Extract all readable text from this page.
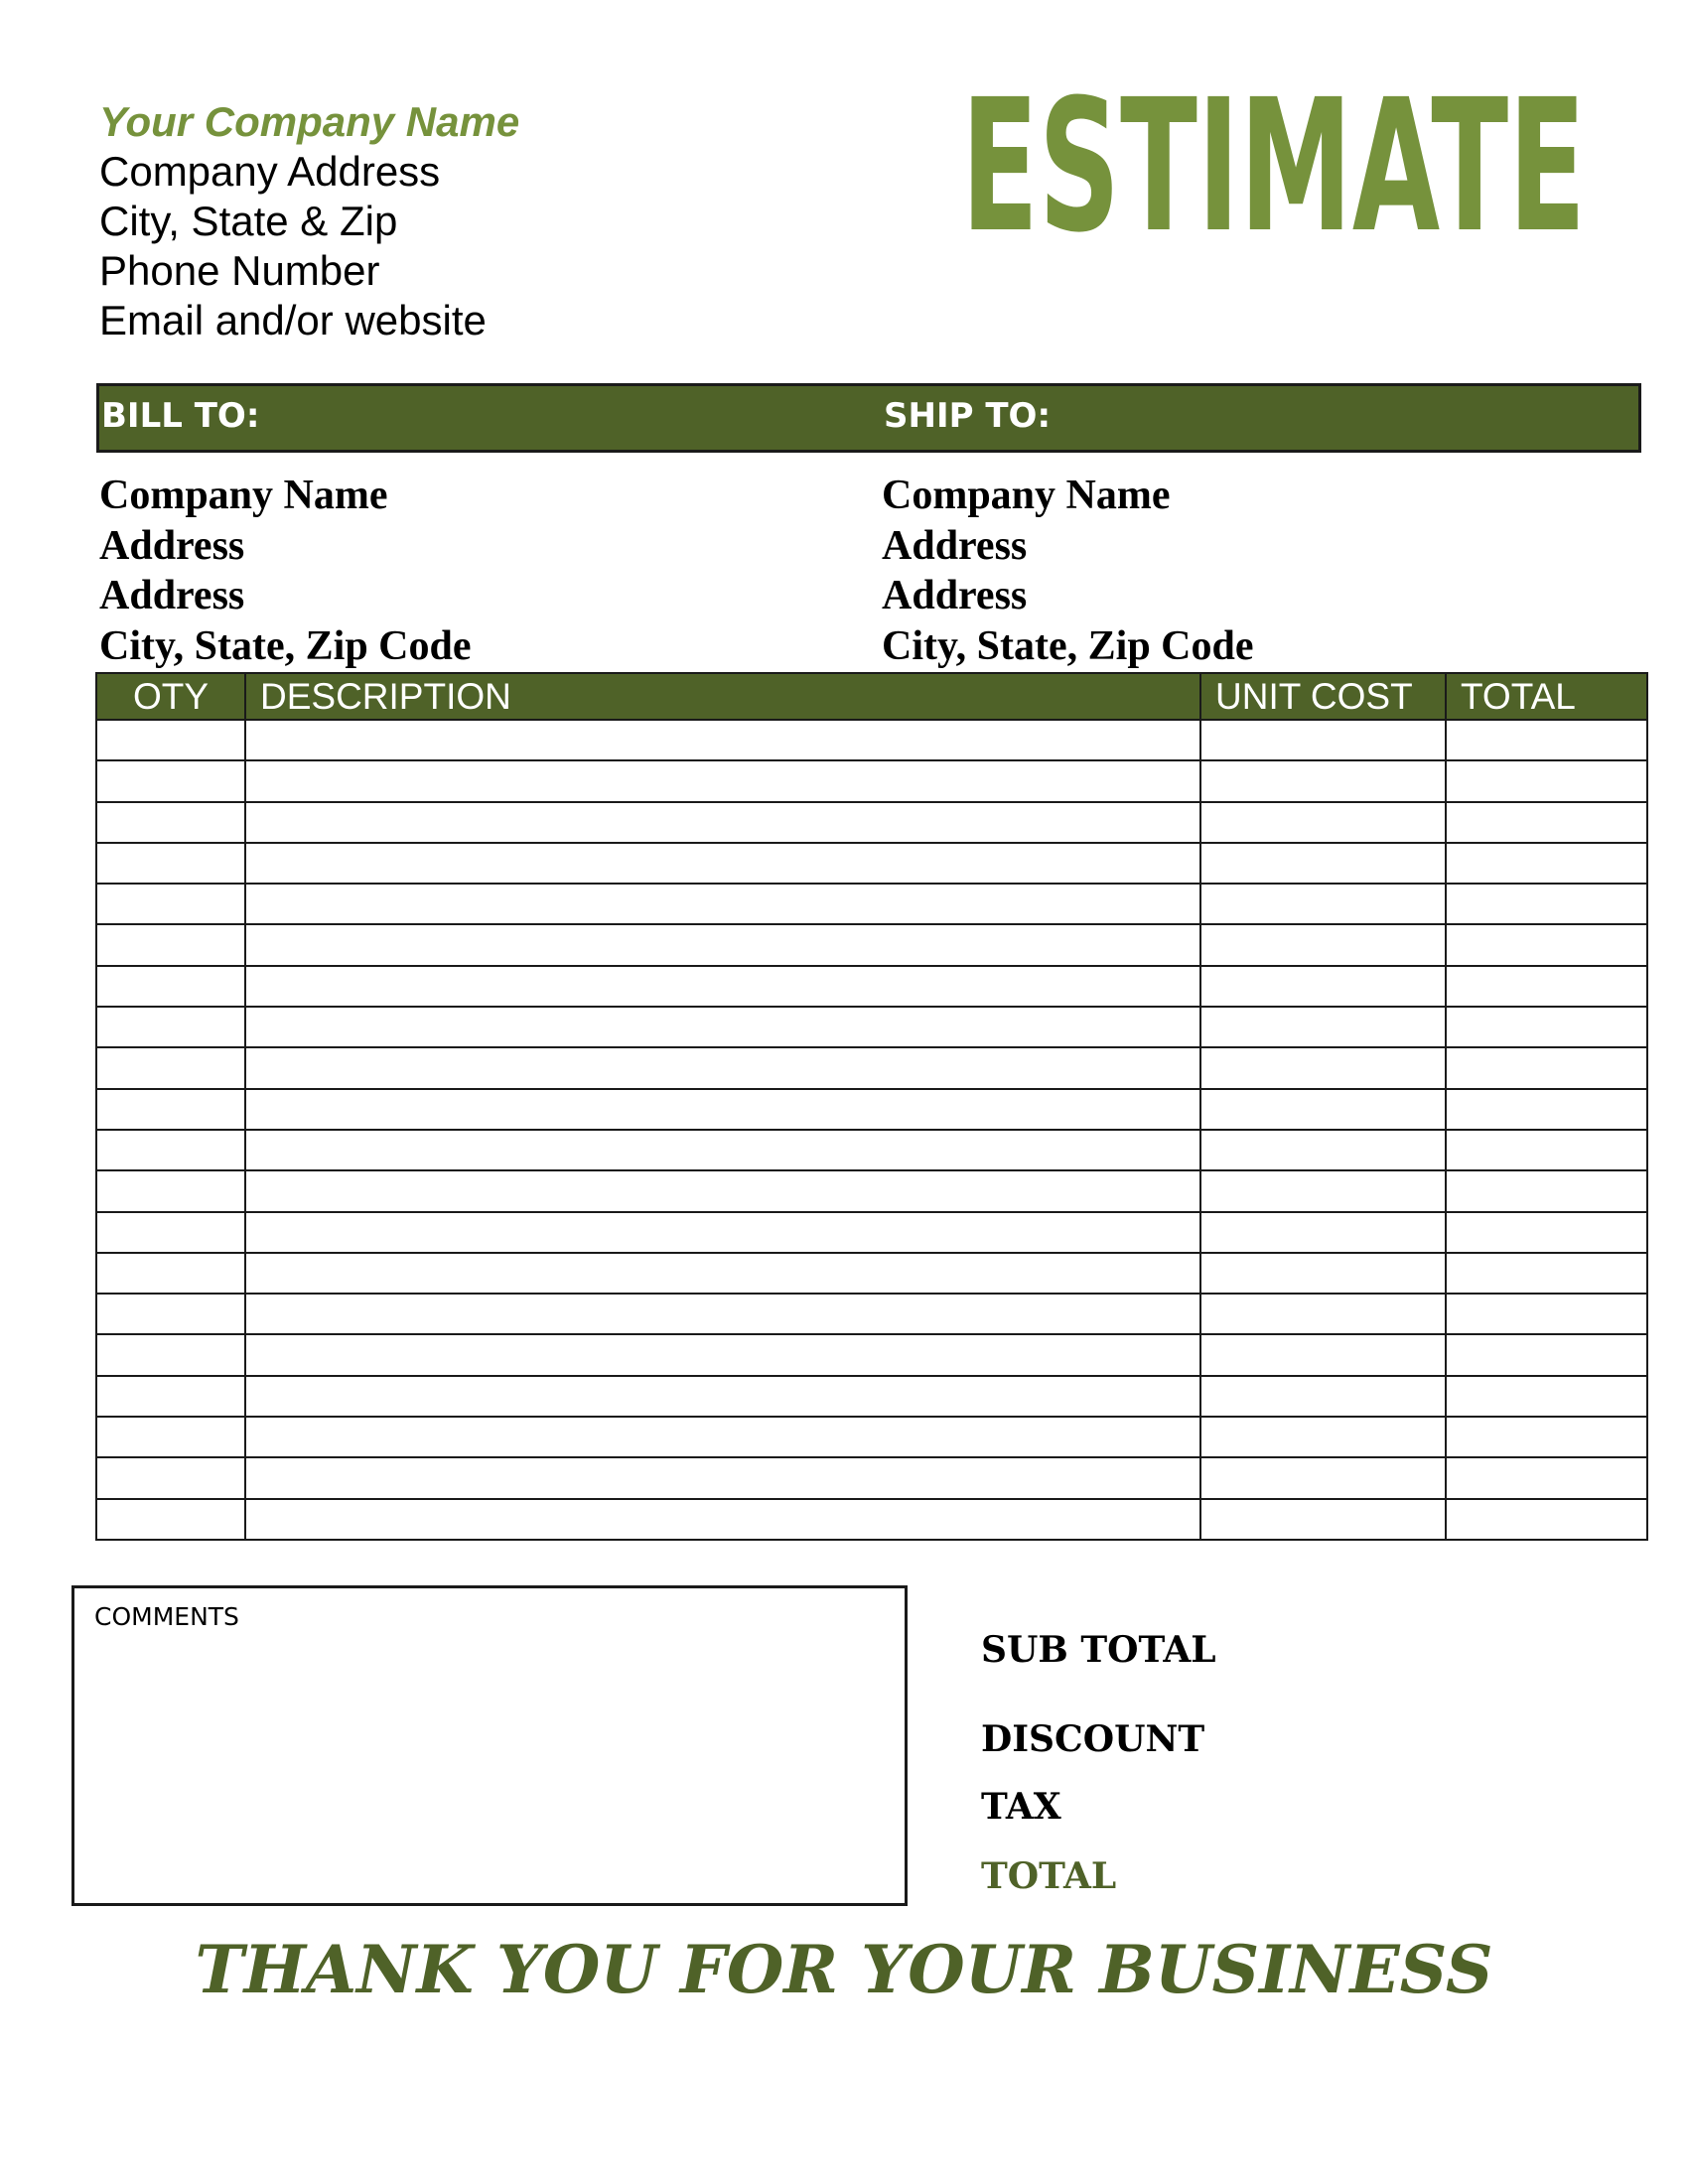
Your Company Name
Company Address
City, State & Zip
Phone Number
Email and/or website
ESTIMATE
BILL TO:	SHIP TO:
Company Name
Address
Address
City, State, Zip Code
Company Name
Address
Address
City, State, Zip Code
OTY	DESCRIPTION	UNIT COST	TOTAL

COMMENTS
SUB TOTAL
DISCOUNT
TAX
TOTAL
THANK YOU FOR YOUR BUSINESS
